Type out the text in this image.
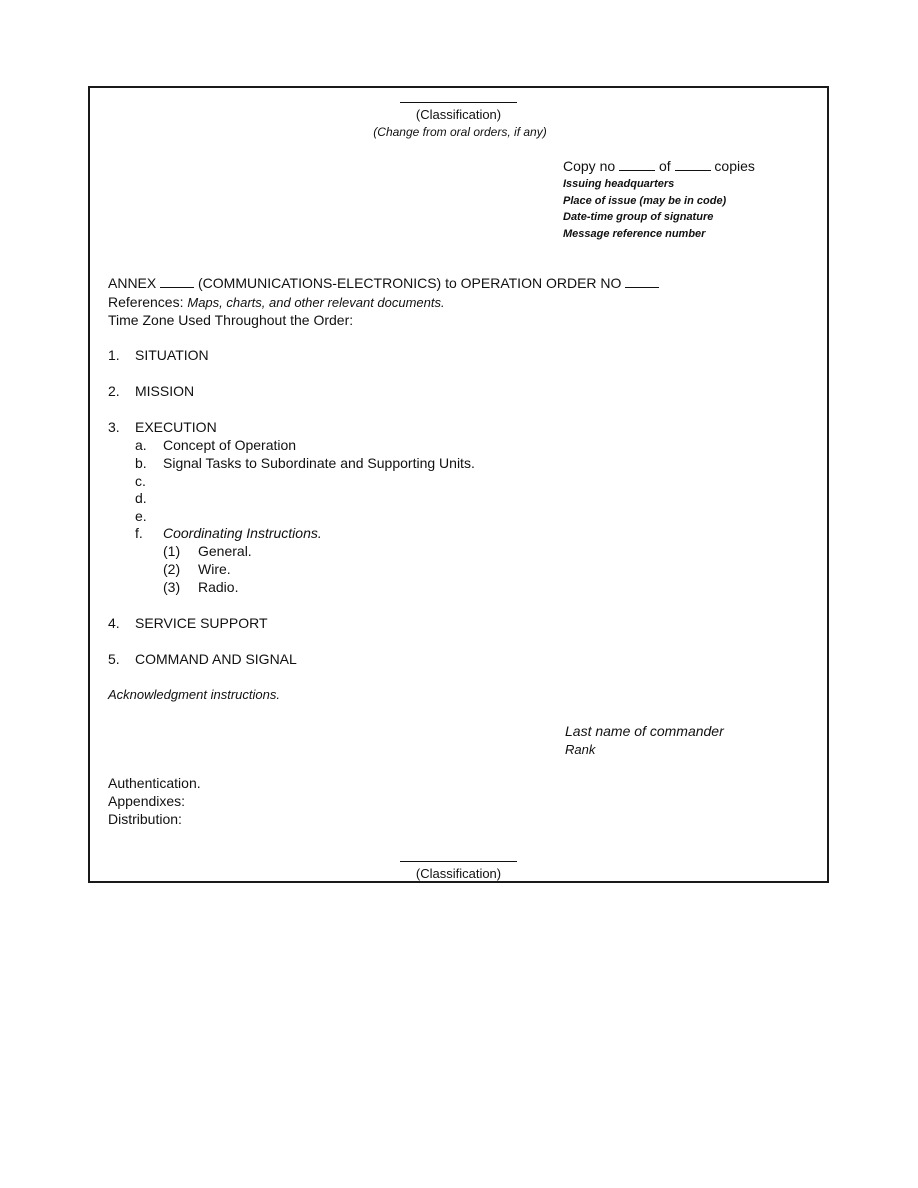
(Classification)
(Change from oral orders, if any)
Copy no	of	copies
Issuing headquarters
Place of issue (may be in code)
Date-time group of signature
Message reference number
ANNEX	(COMMUNICATIONS-ELECTRONICS) to OPERATION ORDER NO
References: Maps, charts, and other relevant documents.
Time Zone Used Throughout the Order:
1. SITUATION
2. MISSION
3. EXECUTION
a. Concept of Operation
b. Signal Tasks to Subordinate and Supporting Units.
c.
d.
e.
f. Coordinating Instructions.
(1) General.
(2) Wire.
(3) Radio.
4. SERVICE SUPPORT
5. COMMAND AND SIGNAL
Acknowledgment instructions.
Last name of commander
Rank
Authentication.
Appendixes:
Distribution:
(Classification)
